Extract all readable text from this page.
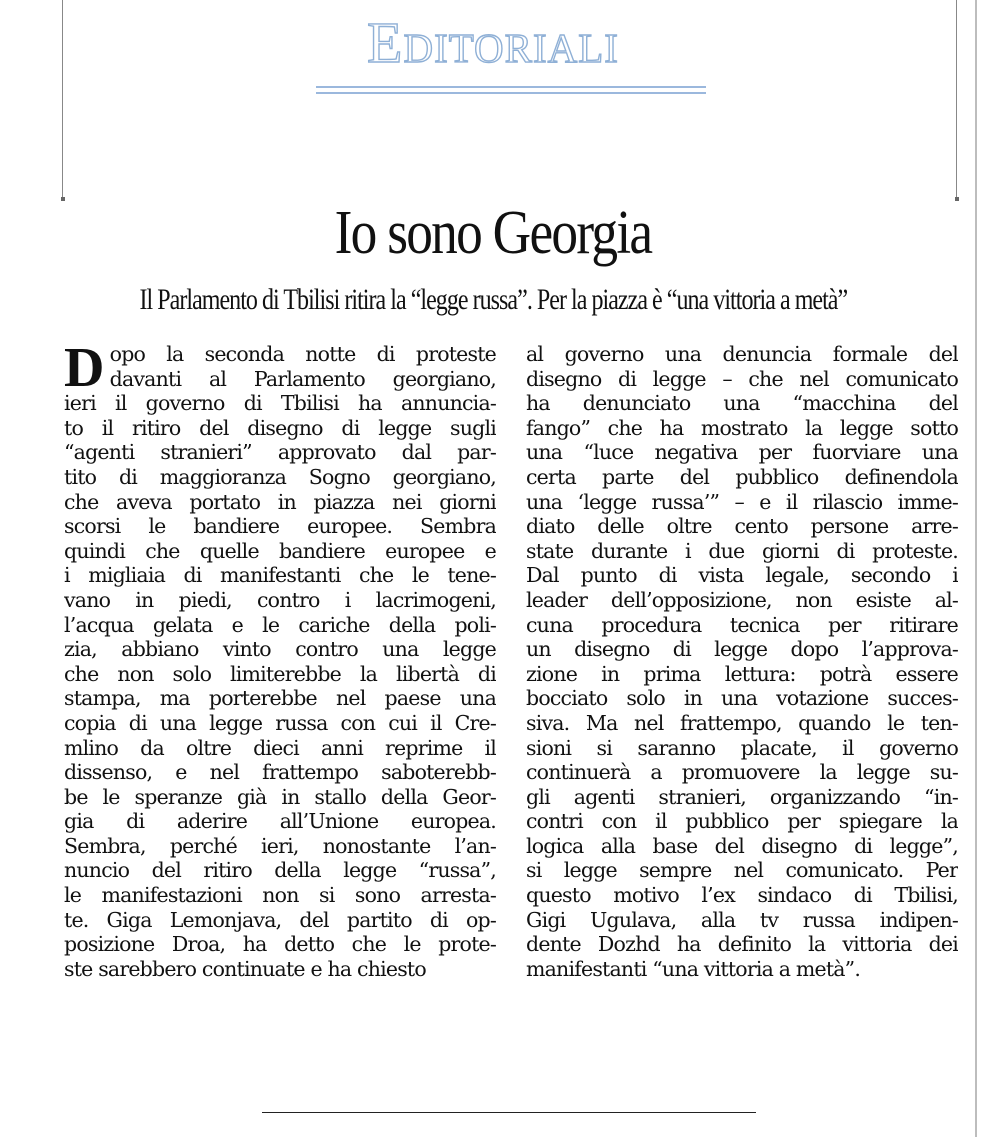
Editoriali
Io sono Georgia
Il Parlamento di Tbilisi ritira la “legge russa”. Per la piazza è “una vittoria a metà”
D opo la seconda notte di proteste
davanti al Parlamento georgiano,
ieri il governo di Tbilisi ha annuncia-
to il ritiro del disegno di legge sugli
“agenti stranieri” approvato dal par-
tito di maggioranza Sogno georgiano,
che aveva portato in piazza nei giorni
scorsi le bandiere europee. Sembra
quindi che quelle bandiere europee e
i migliaia di manifestanti che le tene-
vano in piedi, contro i lacrimogeni,
l’acqua gelata e le cariche della poli-
zia, abbiano vinto contro una legge
che non solo limiterebbe la libertà di
stampa, ma porterebbe nel paese una
copia di una legge russa con cui il Cre-
mlino da oltre dieci anni reprime il
dissenso, e nel frattempo saboterebb-
be le speranze già in stallo della Geor-
gia di aderire all’Unione europea.
Sembra, perché ieri, nonostante l’an-
nuncio del ritiro della legge “russa”,
le manifestazioni non si sono arresta-
te. Giga Lemonjava, del partito di op-
posizione Droa, ha detto che le prote-
ste sarebbero continuate e ha chiesto
al governo una denuncia formale del
disegno di legge – che nel comunicato
ha denunciato una “macchina del
fango” che ha mostrato la legge sotto
una “luce negativa per fuorviare una
certa parte del pubblico definendola
una ‘legge russa’” – e il rilascio imme-
diato delle oltre cento persone arre-
state durante i due giorni di proteste.
Dal punto di vista legale, secondo i
leader dell’opposizione, non esiste al-
cuna procedura tecnica per ritirare
un disegno di legge dopo l’approva-
zione in prima lettura: potrà essere
bocciato solo in una votazione succes-
siva. Ma nel frattempo, quando le ten-
sioni si saranno placate, il governo
continuerà a promuovere la legge su-
gli agenti stranieri, organizzando “in-
contri con il pubblico per spiegare la
logica alla base del disegno di legge”,
si legge sempre nel comunicato. Per
questo motivo l’ex sindaco di Tbilisi,
Gigi Ugulava, alla tv russa indipen-
dente Dozhd ha definito la vittoria dei
manifestanti “una vittoria a metà”.
